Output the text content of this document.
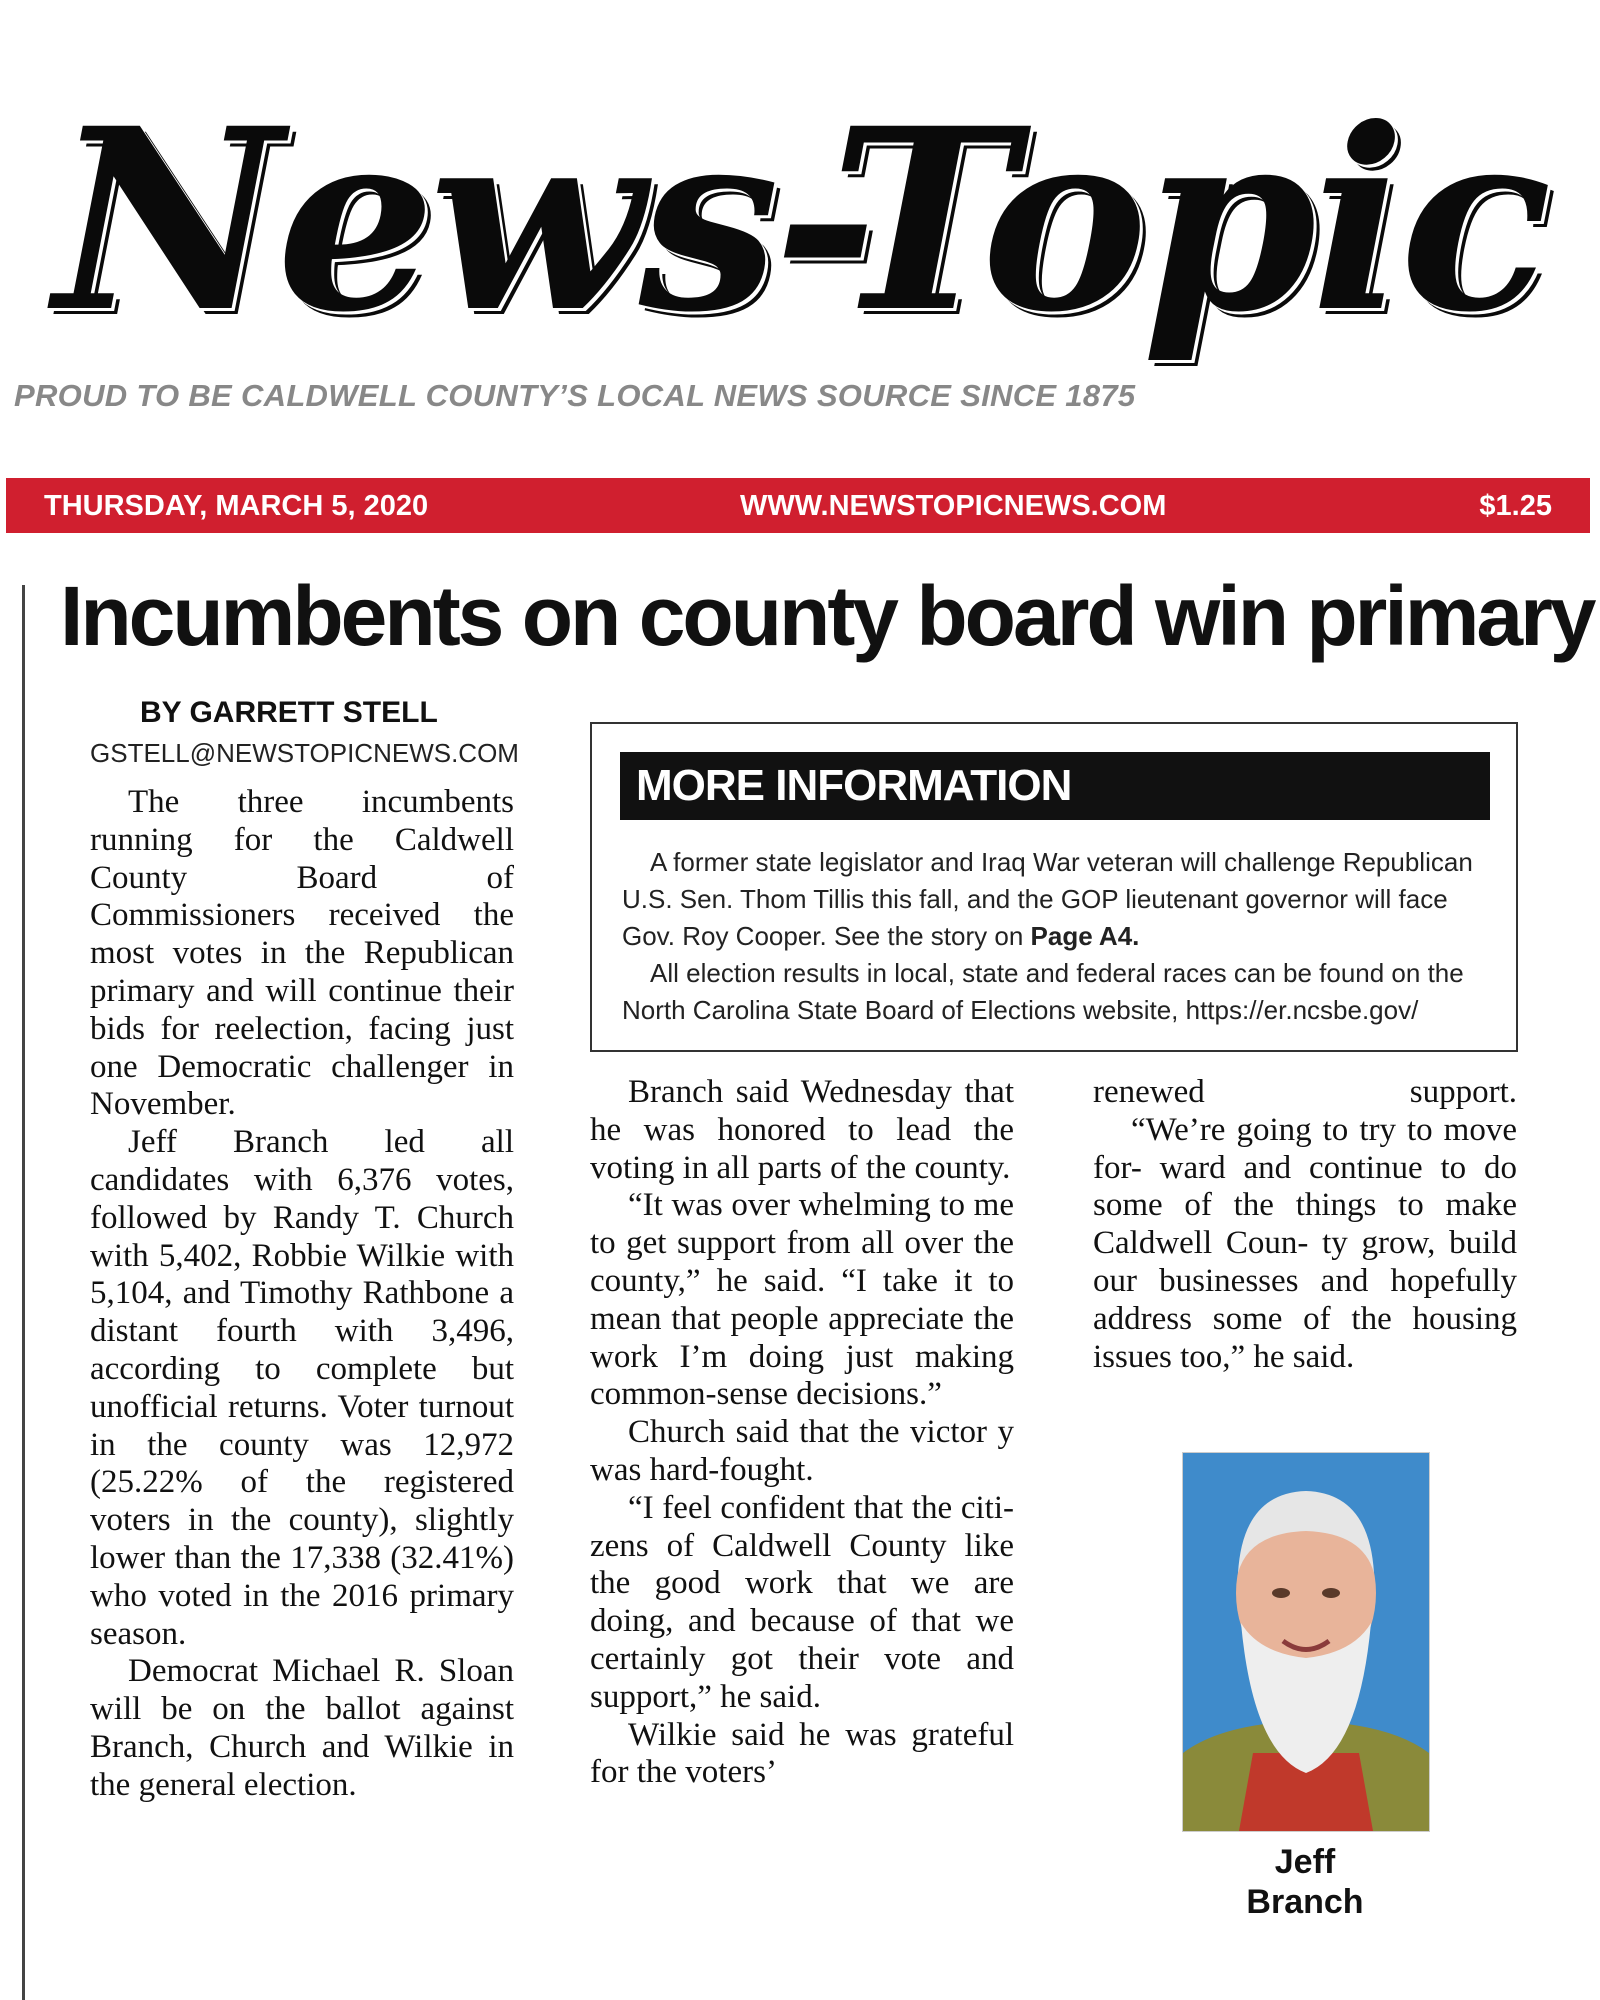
News-Topic
PROUD TO BE CALDWELL COUNTY’S LOCAL NEWS SOURCE SINCE 1875
THURSDAY, MARCH 5, 2020	WWW.NEWSTOPICNEWS.COM	$1.25
Incumbents on county board win primary
BY GARRETT STELL
GSTELL@NEWSTOPICNEWS.COM

The three incumbents running for the Caldwell County Board of Commissioners received the most votes in the Republican primary and will continue their bids for reelection, facing just one Democratic challenger in November.

Jeff Branch led all candidates with 6,376 votes, followed by Randy T. Church with 5,402, Robbie Wilkie with 5,104, and Timothy Rathbone a distant fourth with 3,496, according to complete but unofficial returns. Voter turnout in the county was 12,972 (25.22% of the registered voters in the county), slightly lower than the 17,338 (32.41%) who voted in the 2016 primary season.

Democrat Michael R. Sloan will be on the ballot against Branch, Church and Wilkie in the general election.

MORE INFORMATION

A former state legislator and Iraq War veteran will challenge Republican U.S. Sen. Thom Tillis this fall, and the GOP lieutenant governor will face Gov. Roy Cooper. See the story on Page A4.

All election results in local, state and federal races can be found on the North Carolina State Board of Elections website, https://er.ncsbe.gov/

Branch said Wednesday that he was honored to lead the voting in all parts of the county.

“It was over whelming to me to get support from all over the county,” he said. “I take it to mean that people appreciate the work I’m doing just making common-sense decisions.”

Church said that the victor y was hard-fought.

“I feel confident that the citi- zens of Caldwell County like the good work that we are doing, and because of that we certainly got their vote and support,” he said.

Wilkie said he was grateful for the voters’

renewed support.

“We’re going to try to move for- ward and continue to do some of the things to make Caldwell Coun- ty grow, build our businesses and hopefully address some of the housing issues too,” he said.

Jeff
Branch
